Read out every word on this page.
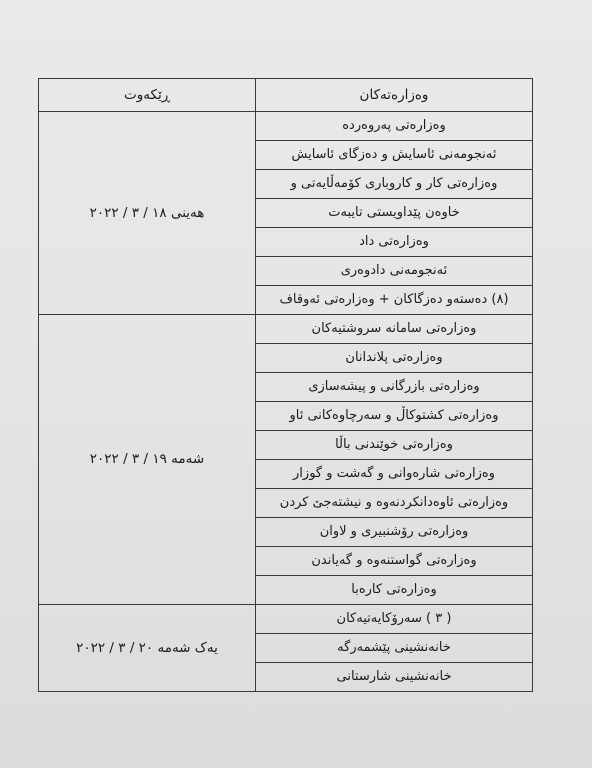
ڕێکەوت	وەزارەتەکان
هەینی ١٨ / ٣ / ٢٠٢٢	وەزارەتی پەروەردە
	ئەنجومەنی ئاسایش و دەزگای ئاسایش
	وەزارەتی کار و کاروباری کۆمەڵایەتی و
	خاوەن پێداویستی تایبەت
	وەزارەتی داد
	ئەنجومەنی دادوەری
	(٨) دەستەو دەزگاکان + وەزارەتی ئەوقاف
شەمە ١٩ / ٣ / ٢٠٢٢	وەزارەتی سامانە سروشتیەکان
	وەزارەتی پلاندانان
	وەزارەتی بازرگانی و پیشەسازی
	وەزارەتی کشتوکاڵ و سەرچاوەکانی ئاو
	وەزارەتی خوێندنی باڵا
	وەزارەتی شارەوانی و گەشت و گوزار
	وەزارەتی ئاوەدانکردنەوە و نیشتەجێ کردن
	وەزارەتی رۆشنبیری و لاوان
	وەزارەتی گواستنەوە و گەیاندن
	وەزارەتی کارەبا
یەک شەمە ٢٠ / ٣ / ٢٠٢٢	( ٣ ) سەرۆکایەتیەکان
	خانەنشینی پێشمەرگە
	خانەنشینی شارستانی
